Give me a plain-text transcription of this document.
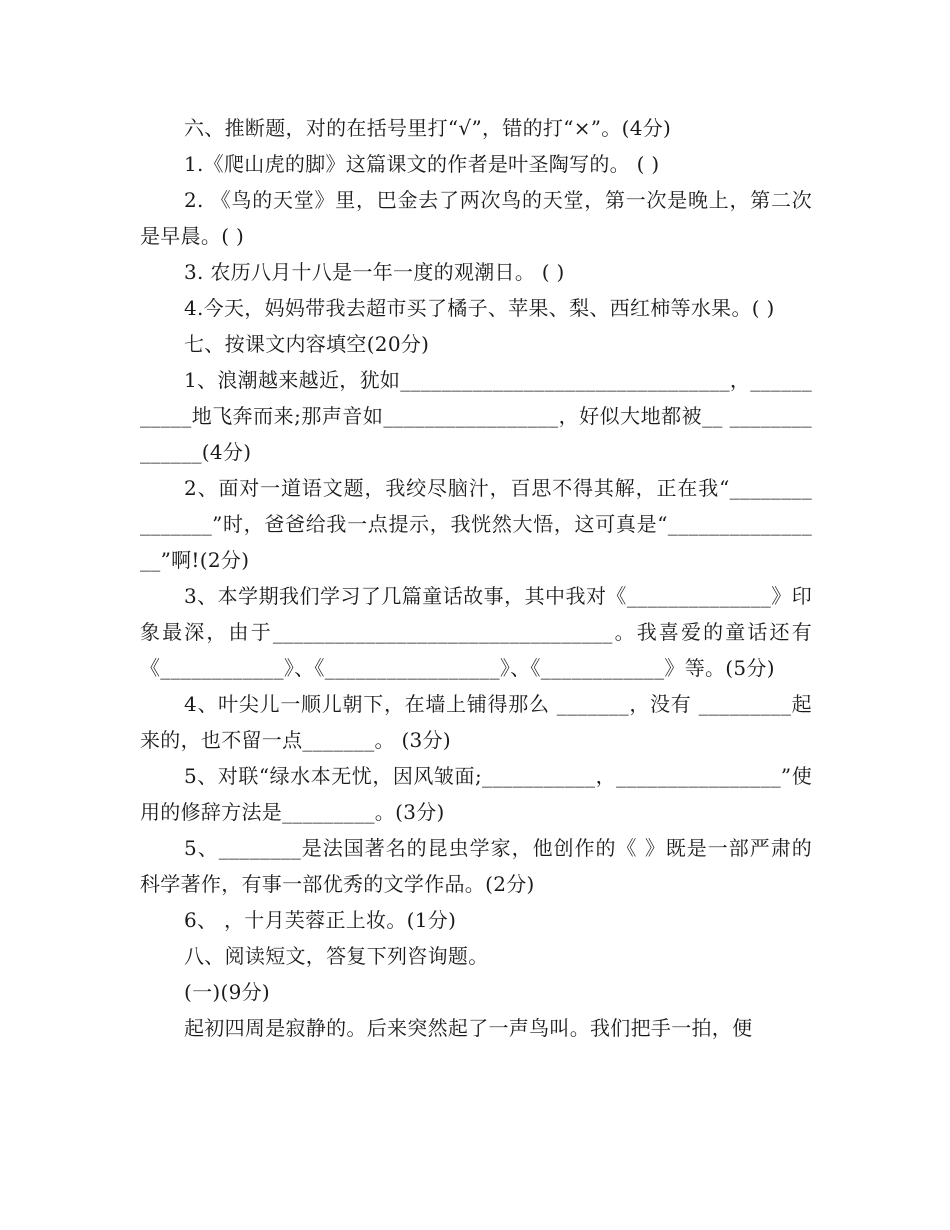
六、推断题，对的在括号里打“√”，错的打“×”。(4分)

1.《爬山虎的脚》这篇课文的作者是叶圣陶写的。 ( )

2. 《鸟的天堂》里，巴金去了两次鸟的天堂，第一次是晚上，第二次是早晨。( )

3. 农历八月十八是一年一度的观潮日。 ( )

4.今天，妈妈带我去超市买了橘子、苹果、梨、西红柿等水果。( )

七、按课文内容填空(20分)

1、浪潮越来越近，犹如________________________________，___________地飞奔而来;那声音如_________________，好似大地都被__ ______________(4分)

2、面对一道语文题，我绞尽脑汁，百思不得其解，正在我“________ _______”时，爸爸给我一点提示，我恍然大悟，这可真是“________________”啊!(2分)

3、本学期我们学习了几篇童话故事，其中我对《______________》印象最深，由于_________________________________。我喜爱的童话还有《____________》、《_________________》、《____________》等。(5分)

4、叶尖儿一顺儿朝下，在墙上铺得那么 _______，没有 _________起来的，也不留一点_______。 (3分)

5、对联“绿水本无忧，因风皱面;___________，________________”使用的修辞方法是_________。(3分)

5、________是法国著名的昆虫学家，他创作的《 》既是一部严肃的科学著作，有事一部优秀的文学作品。(2分)

6、 ，十月芙蓉正上妆。(1分)

八、阅读短文，答复下列咨询题。

(一)(9分)

起初四周是寂静的。后来突然起了一声鸟叫。我们把手一拍，便
